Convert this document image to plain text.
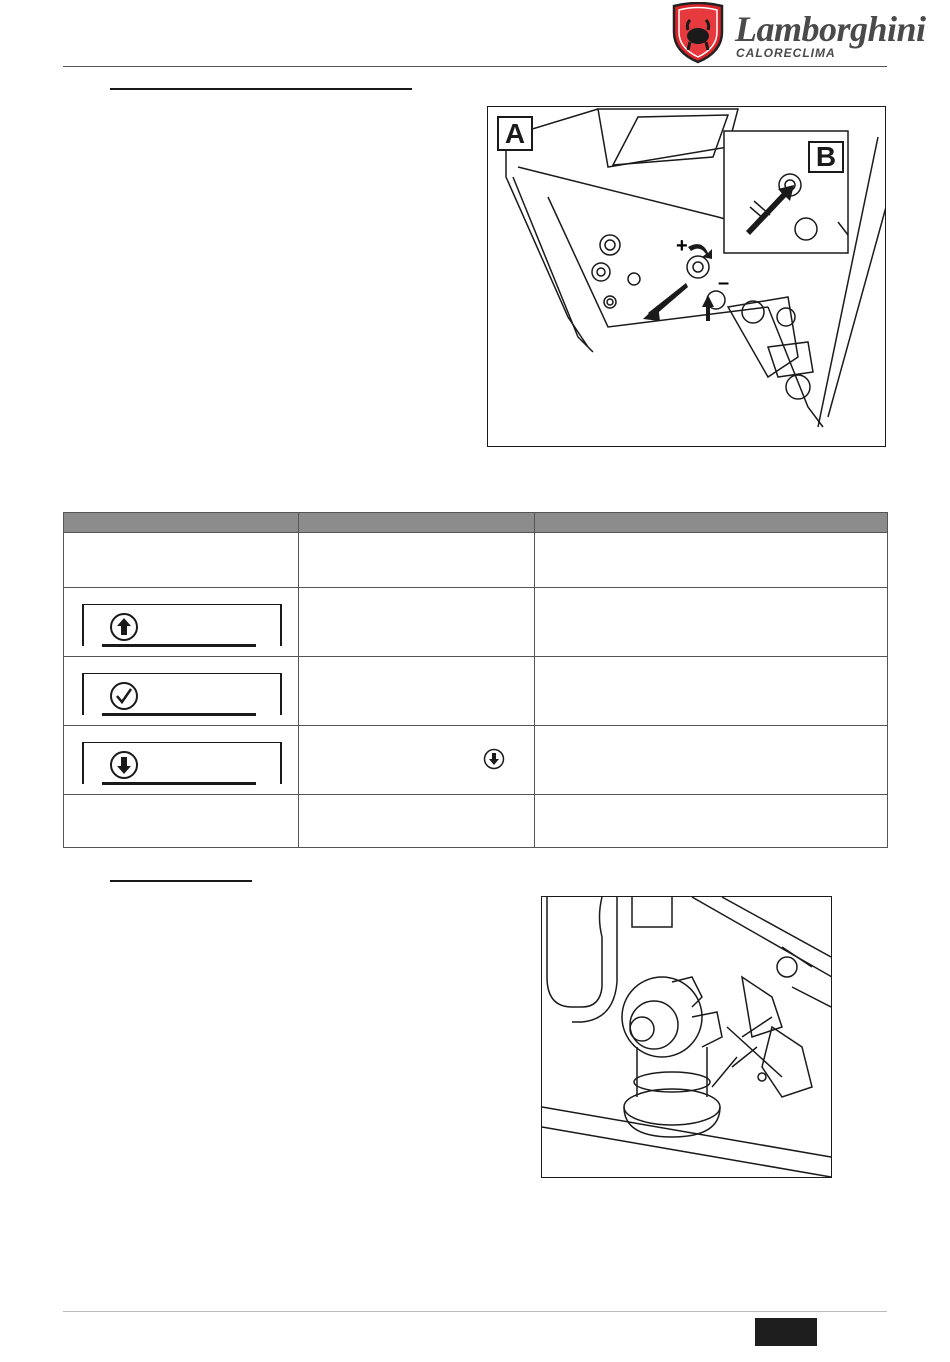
Lamborghini
CALORECLIMA
+
–
A
B
